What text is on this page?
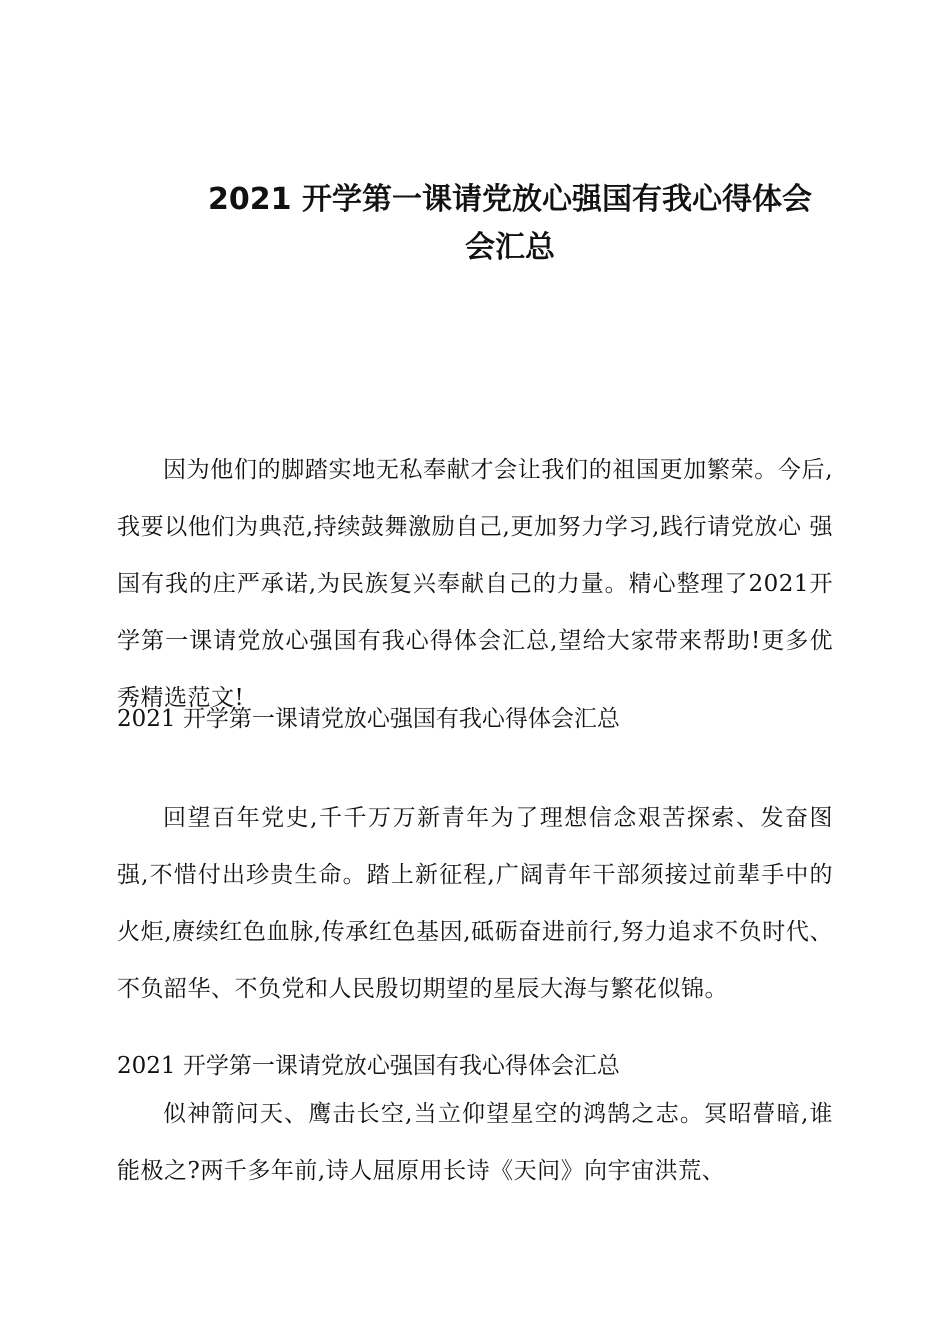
2021 开学第一课请党放心强国有我心得体会
会汇总

因为他们的脚踏实地无私奉献才会让我们的祖国更加繁荣。今后,我要以他们为典范,持续鼓舞激励自己,更加努力学习,践行请党放心 强国有我的庄严承诺,为民族复兴奉献自己的力量。精心整理了2021开学第一课请党放心强国有我心得体会汇总,望给大家带来帮助!更多优秀精选范文!

2021 开学第一课请党放心强国有我心得体会汇总

回望百年党史,千千万万新青年为了理想信念艰苦探索、发奋图强,不惜付出珍贵生命。踏上新征程,广阔青年干部须接过前辈手中的火炬,赓续红色血脉,传承红色基因,砥砺奋进前行,努力追求不负时代、不负韶华、不负党和人民殷切期望的星辰大海与繁花似锦。

2021 开学第一课请党放心强国有我心得体会汇总

似神箭问天、鹰击长空,当立仰望星空的鸿鹄之志。冥昭瞢暗,谁能极之?两千多年前,诗人屈原用长诗《天问》向宇宙洪荒、
